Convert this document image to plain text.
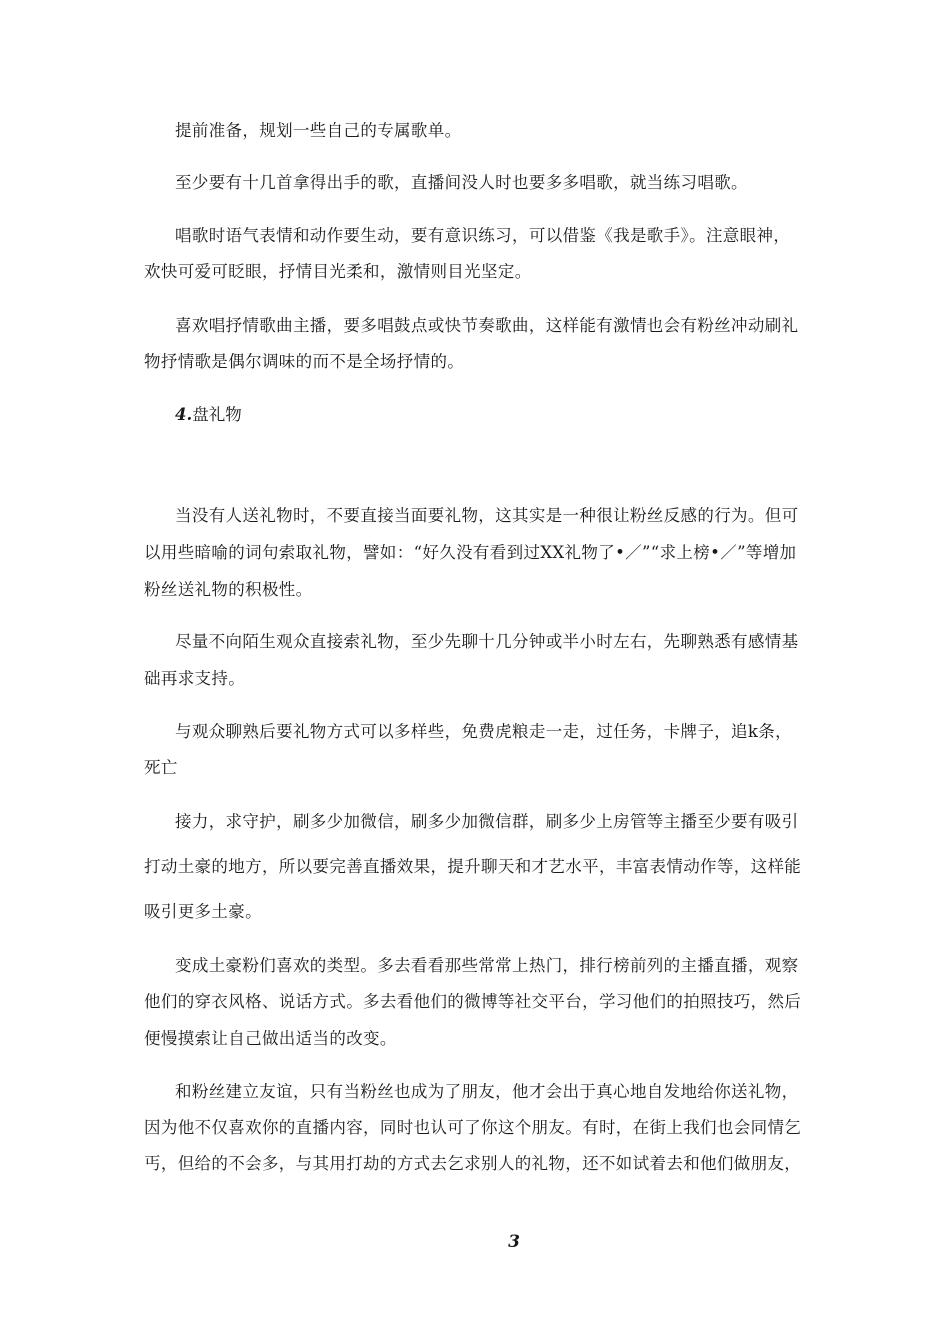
提前准备，规划一些自己的专属歌单。
至少要有十几首拿得出手的歌，直播间没人时也要多多唱歌，就当练习唱歌。
唱歌时语气表情和动作要生动，要有意识练习，可以借鉴《我是歌手》。注意眼神，
欢快可爱可眨眼，抒情目光柔和，激情则目光坚定。
喜欢唱抒情歌曲主播，要多唱鼓点或快节奏歌曲，这样能有激情也会有粉丝冲动刷礼
物抒情歌是偶尔调味的而不是全场抒情的。
4.盘礼物
当没有人送礼物时，不要直接当面要礼物，这其实是一种很让粉丝反感的行为。但可
以用些暗喻的词句索取礼物，譬如：“好久没有看到过XX礼物了•／”“求上榜•／”等增加
粉丝送礼物的积极性。
尽量不向陌生观众直接索礼物，至少先聊十几分钟或半小时左右，先聊熟悉有感情基
础再求支持。
与观众聊熟后要礼物方式可以多样些，免费虎粮走一走，过任务，卡牌子，追k条，
死亡
接力，求守护，刷多少加微信，刷多少加微信群，刷多少上房管等主播至少要有吸引
打动土豪的地方，所以要完善直播效果，提升聊天和才艺水平，丰富表情动作等，这样能
吸引更多土豪。
变成土豪粉们喜欢的类型。多去看看那些常常上热门，排行榜前列的主播直播，观察
他们的穿衣风格、说话方式。多去看他们的微博等社交平台，学习他们的拍照技巧，然后
便慢摸索让自己做出适当的改变。
和粉丝建立友谊，只有当粉丝也成为了朋友，他才会出于真心地自发地给你送礼物，
因为他不仅喜欢你的直播内容，同时也认可了你这个朋友。有时，在街上我们也会同情乞
丐，但给的不会多，与其用打劫的方式去乞求别人的礼物，还不如试着去和他们做朋友，
3
